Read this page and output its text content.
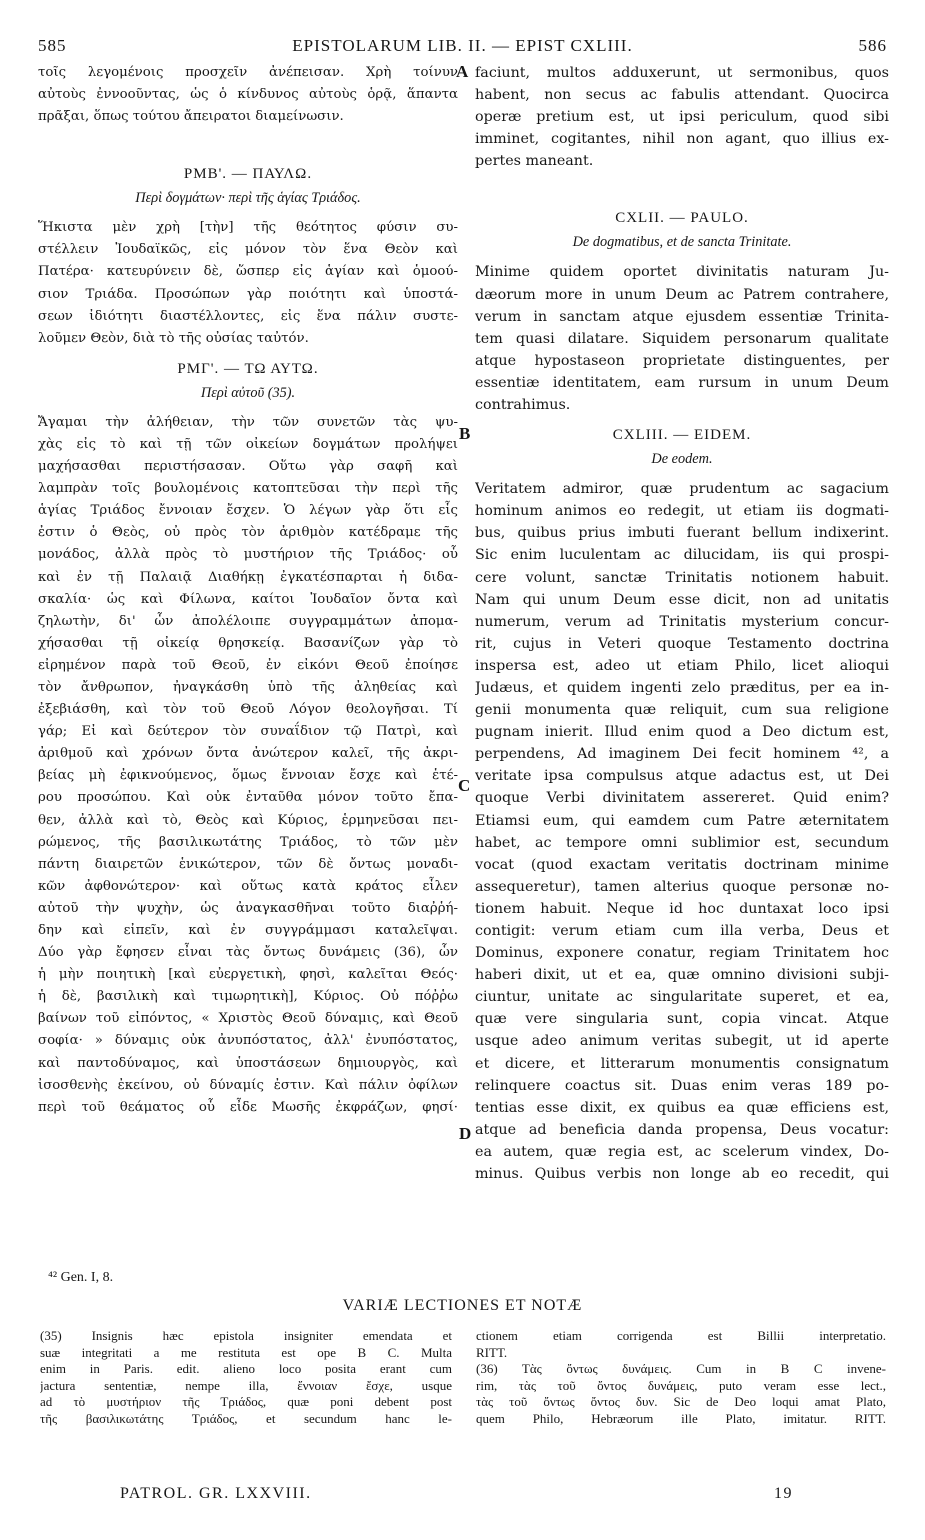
585	EPISTOLARUM LIB. II. — EPIST CXLIII.	586
τοῖς λεγομένοις προσχεῖν ἀνέπεισαν. Χρὴ τοίνυν
αὐτοὺς ἐννοοῦντας, ὡς ὁ κίνδυνος αὐτοὺς ὁρᾷ, ἅπαντα
πρᾶξαι, ὅπως τούτου ἄπειρατοι διαμείνωσιν.
ΡΜΒ'. — ΠΑΥΛΩ.
Περὶ δογμάτων· περὶ τῆς ἁγίας Τριάδος.
Ἥκιστα μὲν χρὴ [τὴν] τῆς θεότητος φύσιν συ-
στέλλειν Ἰουδαϊκῶς, εἰς μόνον τὸν ἕνα Θεὸν καὶ
Πατέρα· κατευρύνειν δὲ, ὥσπερ εἰς ἁγίαν καὶ ὁμοού-
σιον Τριάδα. Προσώπων γὰρ ποιότητι καὶ ὑποστά-
σεων ἰδιότητι διαστέλλοντες, εἰς ἕνα πάλιν συστε-
λοῦμεν Θεὸν, διὰ τὸ τῆς οὐσίας ταὐτόν.
ΡΜΓ'. — ΤΩ ΑΥΤΩ.
Περὶ αὐτοῦ (35).
Ἄγαμαι τὴν ἀλήθειαν, τὴν τῶν συνετῶν τὰς ψυ-
χὰς εἰς τὸ καὶ τῇ τῶν οἰκείων δογμάτων προλήψει
μαχήσασθαι περιστήσασαν. Οὕτω γὰρ σαφῆ καὶ
λαμπρὰν τοῖς βουλομένοις κατοπτεῦσαι τὴν περὶ τῆς
ἁγίας Τριάδος ἔννοιαν ἔσχεν. Ὁ λέγων γὰρ ὅτι εἷς
ἐστιν ὁ Θεὸς, οὐ πρὸς τὸν ἀριθμὸν κατέδραμε τῆς
μονάδος, ἀλλὰ πρὸς τὸ μυστήριον τῆς Τριάδος· οὗ
καὶ ἐν τῇ Παλαιᾷ Διαθήκῃ ἐγκατέσπαρται ἡ διδα-
σκαλία· ὡς καὶ Φίλωνα, καίτοι Ἰουδαῖον ὄντα καὶ
ζηλωτὴν, δι' ὧν ἀπολέλοιπε συγγραμμάτων ἀπομα-
χήσασθαι τῇ οἰκείᾳ θρησκείᾳ. Βασανίζων γὰρ τὸ
εἰρημένον παρὰ τοῦ Θεοῦ, ἐν εἰκόνι Θεοῦ ἐποίησε
τὸν ἄνθρωπον, ἠναγκάσθη ὑπὸ τῆς ἀληθείας καὶ
ἐξεβιάσθη, καὶ τὸν τοῦ Θεοῦ Λόγον θεολογῆσαι. Τί
γάρ; Εἰ καὶ δεύτερον τὸν συναΐδιον τῷ Πατρὶ, καὶ
ἀριθμοῦ καὶ χρόνων ὄντα ἀνώτερον καλεῖ, τῆς ἀκρι-
βείας μὴ ἐφικνούμενος, ὅμως ἔννοιαν ἔσχε καὶ ἑτέ-
ρου προσώπου. Καὶ οὐκ ἐνταῦθα μόνον τοῦτο ἔπα-
θεν, ἀλλὰ καὶ τὸ, Θεὸς καὶ Κύριος, ἑρμηνεῦσαι πει-
ρώμενος, τῆς βασιλικωτάτης Τριάδος, τὸ τῶν μὲν
πάντη διαιρετῶν ἑνικώτερον, τῶν δὲ ὄντως μοναδι-
κῶν ἀφθονώτερον· καὶ οὕτως κατὰ κράτος εἷλεν
αὐτοῦ τὴν ψυχὴν, ὡς ἀναγκασθῆναι τοῦτο διαῤῥή-
δην καὶ εἰπεῖν, καὶ ἐν συγγράμμασι καταλεῖψαι.
Δύο γὰρ ἔφησεν εἶναι τὰς ὄντως δυνάμεις (36), ὧν
ἡ μὴν ποιητικὴ [καὶ εὐεργετικὴ, φησὶ, καλεῖται Θεός·
ἡ δὲ, βασιλικὴ καὶ τιμωρητικὴ], Κύριος. Οὐ πόῤῥω
βαίνων τοῦ εἰπόντος, « Χριστὸς Θεοῦ δύναμις, καὶ Θεοῦ
σοφία· » δύναμις οὐκ ἀνυπόστατος, ἀλλ' ἐνυπόστατος,
καὶ παντοδύναμος, καὶ ὑποστάσεων δημιουργὸς, καὶ
ἰσοσθενὴς ἐκείνου, οὐ δύναμίς ἐστιν. Καὶ πάλιν ὀφίλων
περὶ τοῦ θεάματος οὗ εἶδε Μωσῆς ἐκφράζων, φησί·
faciunt, multos adduxerunt, ut sermonibus, quos
habent, non secus ac fabulis attendant. Quocirca
operæ pretium est, ut ipsi periculum, quod sibi
imminet, cogitantes, nihil non agant, quo illius ex-
pertes maneant.
CXLII. — PAULO.
De dogmatibus, et de sancta Trinitate.
Minime quidem oportet divinitatis naturam Ju-
dæorum more in unum Deum ac Patrem contrahere,
verum in sanctam atque ejusdem essentiæ Trinita-
tem quasi dilatare. Siquidem personarum qualitate
atque hypostaseon proprietate distinguentes, per
essentiæ identitatem, eam rursum in unum Deum
contrahimus.
CXLIII. — EIDEM.
De eodem.
Veritatem admiror, quæ prudentum ac sagacium
hominum animos eo redegit, ut etiam iis dogmati-
bus, quibus prius imbuti fuerant bellum indixerint.
Sic enim luculentam ac dilucidam, iis qui prospi-
cere volunt, sanctæ Trinitatis notionem habuit.
Nam qui unum Deum esse dicit, non ad unitatis
numerum, verum ad Trinitatis mysterium concur-
rit, cujus in Veteri quoque Testamento doctrina
inspersa est, adeo ut etiam Philo, licet alioqui
Judæus, et quidem ingenti zelo præditus, per ea in-
genii monumenta quæ reliquit, cum sua religione
pugnam inierit. Illud enim quod a Deo dictum est,
perpendens, Ad imaginem Dei fecit hominem ⁴², a
veritate ipsa compulsus atque adactus est, ut Dei
quoque Verbi divinitatem assereret. Quid enim?
Etiamsi eum, qui eamdem cum Patre æternitatem
habet, ac tempore omni sublimior est, secundum
vocat (quod exactam veritatis doctrinam minime
assequeretur), tamen alterius quoque personæ no-
tionem habuit. Neque id hoc duntaxat loco ipsi
contigit: verum etiam cum illa verba, Deus et
Dominus, exponere conatur, regiam Trinitatem hoc
haberi dixit, ut et ea, quæ omnino divisioni subji-
ciuntur, unitate ac singularitate superet, et ea,
quæ vere singularia sunt, copia vincat. Atque
usque adeo animum veritas subegit, ut id aperte
et dicere, et litterarum monumentis consignatum
relinquere coactus sit. Duas enim veras 189 po-
tentias esse dixit, ex quibus ea quæ efficiens est,
atque ad beneficia danda propensa, Deus vocatur:
ea autem, quæ regia est, ac scelerum vindex, Do-
minus. Quibus verbis non longe ab eo recedit, qui
A
B
C
D
⁴² Gen. I, 8.
VARIÆ LECTIONES ET NOTÆ
(35) Insignis hæc epistola insigniter emendata et
suæ integritati a me restituta est ope B C. Multa
enim in Paris. edit. alieno loco posita erant cum
jactura sententiæ, nempe illa, ἔννοιαν ἔσχε, usque
ad τὸ μυστήριον τῆς Τριάδος, quæ poni debent post
τῆς βασιλικωτάτης Τριάδος, et secundum hanc le-
ctionem etiam corrigenda est Billii interpretatio.
RITT.
(36) Τὰς ὄντως δυνάμεις. Cum in B C invene-
rim, τὰς τοῦ ὄντος δυνάμεις, puto veram esse lect.,
τὰς τοῦ ὄντως ὄντος δυν. Sic de Deo loqui amat Plato,
quem Philo, Hebræorum ille Plato, imitatur. RITT.
PATROL. GR. LXXVIII.	19
